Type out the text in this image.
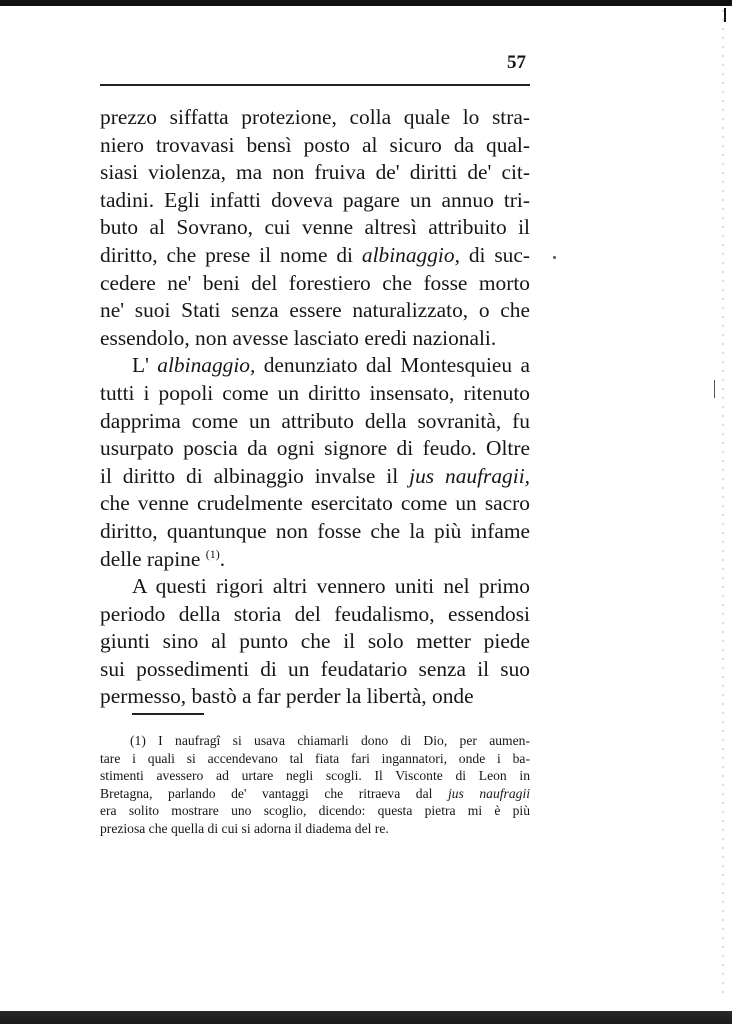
57
prezzo siffatta protezione, colla quale lo stra-
niero trovavasi bensì posto al sicuro da qual-
siasi violenza, ma non fruiva de' diritti de' cit-
tadini. Egli infatti doveva pagare un annuo tri-
buto al Sovrano, cui venne altresì attribuito il
diritto, che prese il nome di albinaggio, di suc-
cedere ne' beni del forestiero che fosse morto
ne' suoi Stati senza essere naturalizzato, o che
essendolo, non avesse lasciato eredi nazionali.
L' albinaggio, denunziato dal Montesquieu a
tutti i popoli come un diritto insensato, ritenuto
dapprima come un attributo della sovranità, fu
usurpato poscia da ogni signore di feudo. Oltre
il diritto di albinaggio invalse il jus naufragii,
che venne crudelmente esercitato come un sacro
diritto, quantunque non fosse che la più infame
delle rapine $^{(1)}$.
A questi rigori altri vennero uniti nel primo
periodo della storia del feudalismo, essendosi
giunti sino al punto che il solo metter piede
sui possedimenti di un feudatario senza il suo
permesso, bastò a far perder la libertà, onde
(1) I naufragî si usava chiamarli dono di Dio, per aumen-
tare i quali si accendevano tal fiata fari ingannatori, onde i ba-
stimenti avessero ad urtare negli scogli. Il Visconte di Leon in
Bretagna, parlando de' vantaggi che ritraeva dal jus naufragii
era solito mostrare uno scoglio, dicendo: questa pietra mi è più
preziosa che quella di cui si adorna il diadema del re.
